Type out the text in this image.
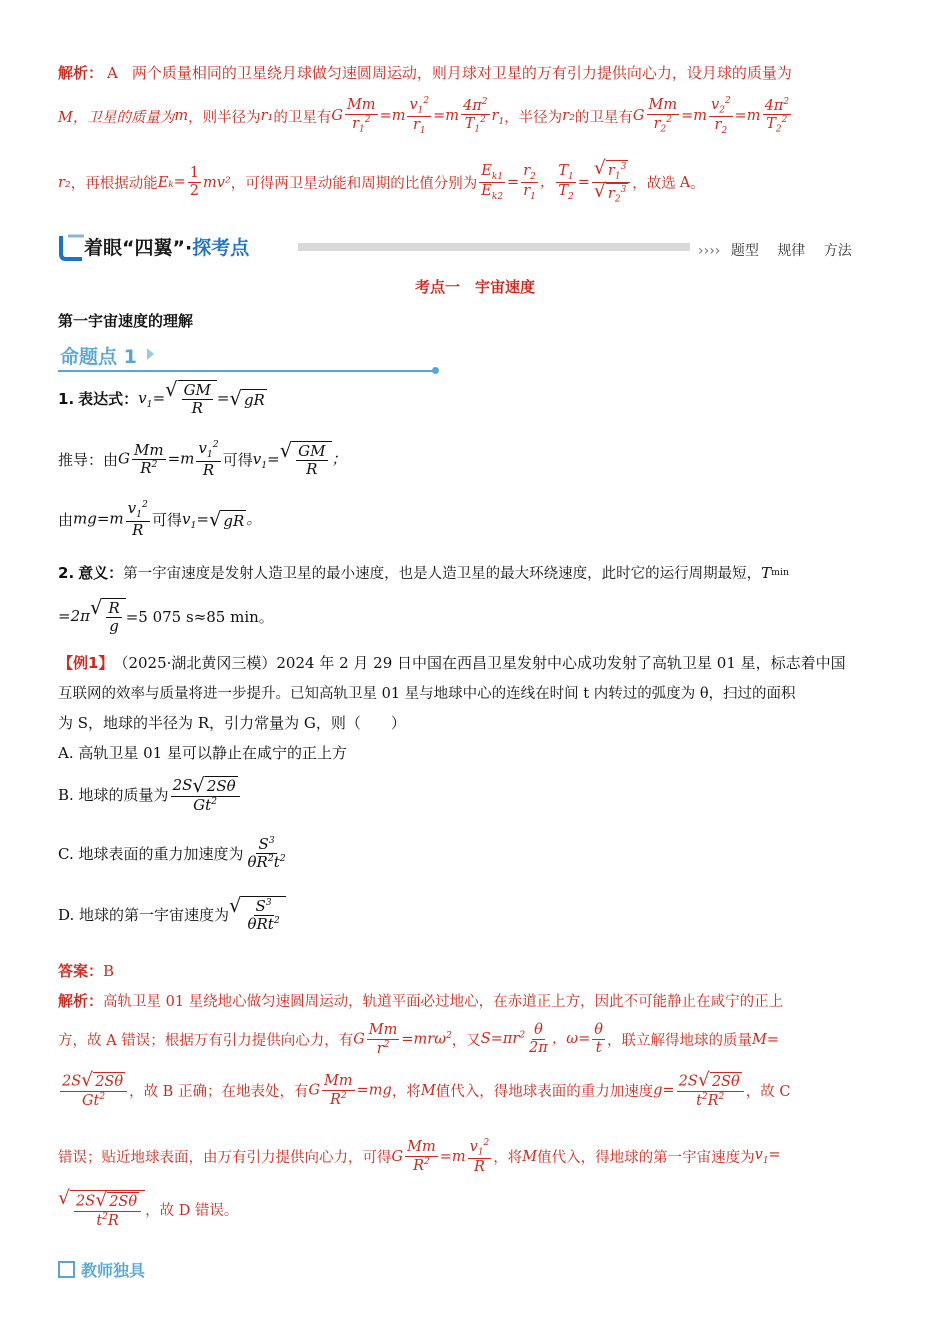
解析： A 两个质量相同的卫星绕月球做匀速圆周运动，则月球对卫星的万有引力提供向心力，设月球的质量为
M，卫星的质量为 m ，则半径为 r₁ 的卫星有 G $\frac{Mm}{r_1^2} =m \frac{v_1^2}{r_1} =m \frac{4\pi^2}{T_1^2} r_1$ ，半径为 r₂ 的卫星有 G $\frac{Mm}{r_2^2} =m \frac{v_2^2}{r_2} =m \frac{4\pi^2}{T_2^2}$
r₂ ，再根据动能 $E_k = \frac{1}{2} mv^2$ ，可得两卫星动能和周期的比值分别为 $\frac{E_{k1}}{E_{k2}} = \frac{r_2}{r_1}$ ， $\frac{T_1}{T_2} = \frac{√ r_1^3}{√ r_2^3}$ ，故选 A 。
着眼“四翼”·探考点	›››› 题型 规律 方法
考点一　宇宙速度
第一宇宙速度的理解
命题点 1
1 . 表达式： $v_1=$ √ $\frac{GM}{R}$ = √ gR
推导：由 G $\frac{Mm}{R^2} =m \frac{v_1^2}{R}$ 可得 $v_1=$ √ $\frac{GM}{R}$ ；
由 $mg=m \frac{v_1^2}{R}$ 可得 $v_1=$ √ gR 。
2 . 意义： 第一宇宙速度是发射人造卫星的最小速度，也是人造卫星的最大环绕速度，此时它的运行周期最短， T min
=2π √ $\frac{R}{g} =5$ 075 s≈85 min。
【例1】 （2025·湖北黄冈三模） 2024 年 2 月 29 日中国在西昌卫星发射中心成功发射了高轨卫星 01 星，标志着中国
互联网的效率与质量将进一步提升。已知高轨卫星 01 星与地球中心的连线在时间 t 内转过的弧度为 θ，扫过的面积
为 S，地球的半径为 R，引力常量为 G，则（　　）
A. 高轨卫星 01 星可以静止在咸宁的正上方
B. 地球的质量为 $\frac{2S √ 2S\theta}{Gt^2}$
C. 地球表面的重力加速度为 $\frac{S^3}{\theta R^2t^2}$
D. 地球的第一宇宙速度为 √ $\frac{S^3}{\theta Rt^2}$
答案： B
解析： 高轨卫星 01 星绕地心做匀速圆周运动，轨道平面必过地心，在赤道正上方，因此不可能静止在咸宁的正上
方，故 A 错误；根据万有引力提供向心力，有 G $\frac{Mm}{r^2} =mr\omega^2$ ，又 $S=\pi r^2 \frac{\theta}{2\pi}$ ，$\omega= \frac{\theta}{t}$ ，联立解得地球的质量 M=
$\frac{2S √ 2S\theta}{Gt^2}$ ，故 B 正确；在地表处，有 G $\frac{Mm}{R^2} =mg$ ，将 M 值代入，得地球表面的重力加速度 $g= \frac{2S √ 2S\theta}{t^2R^2}$ ，故 C
错误；贴近地球表面，由万有引力提供向心力，可得 G $\frac{Mm}{R^2} =m \frac{v_1^2}{R}$ ，将 M 值代入，得地球的第一宇宙速度为 $v_1=$
√ $\frac{2S √ 2S\theta}{t^2R}$ ，故 D 错误。
教师独具
